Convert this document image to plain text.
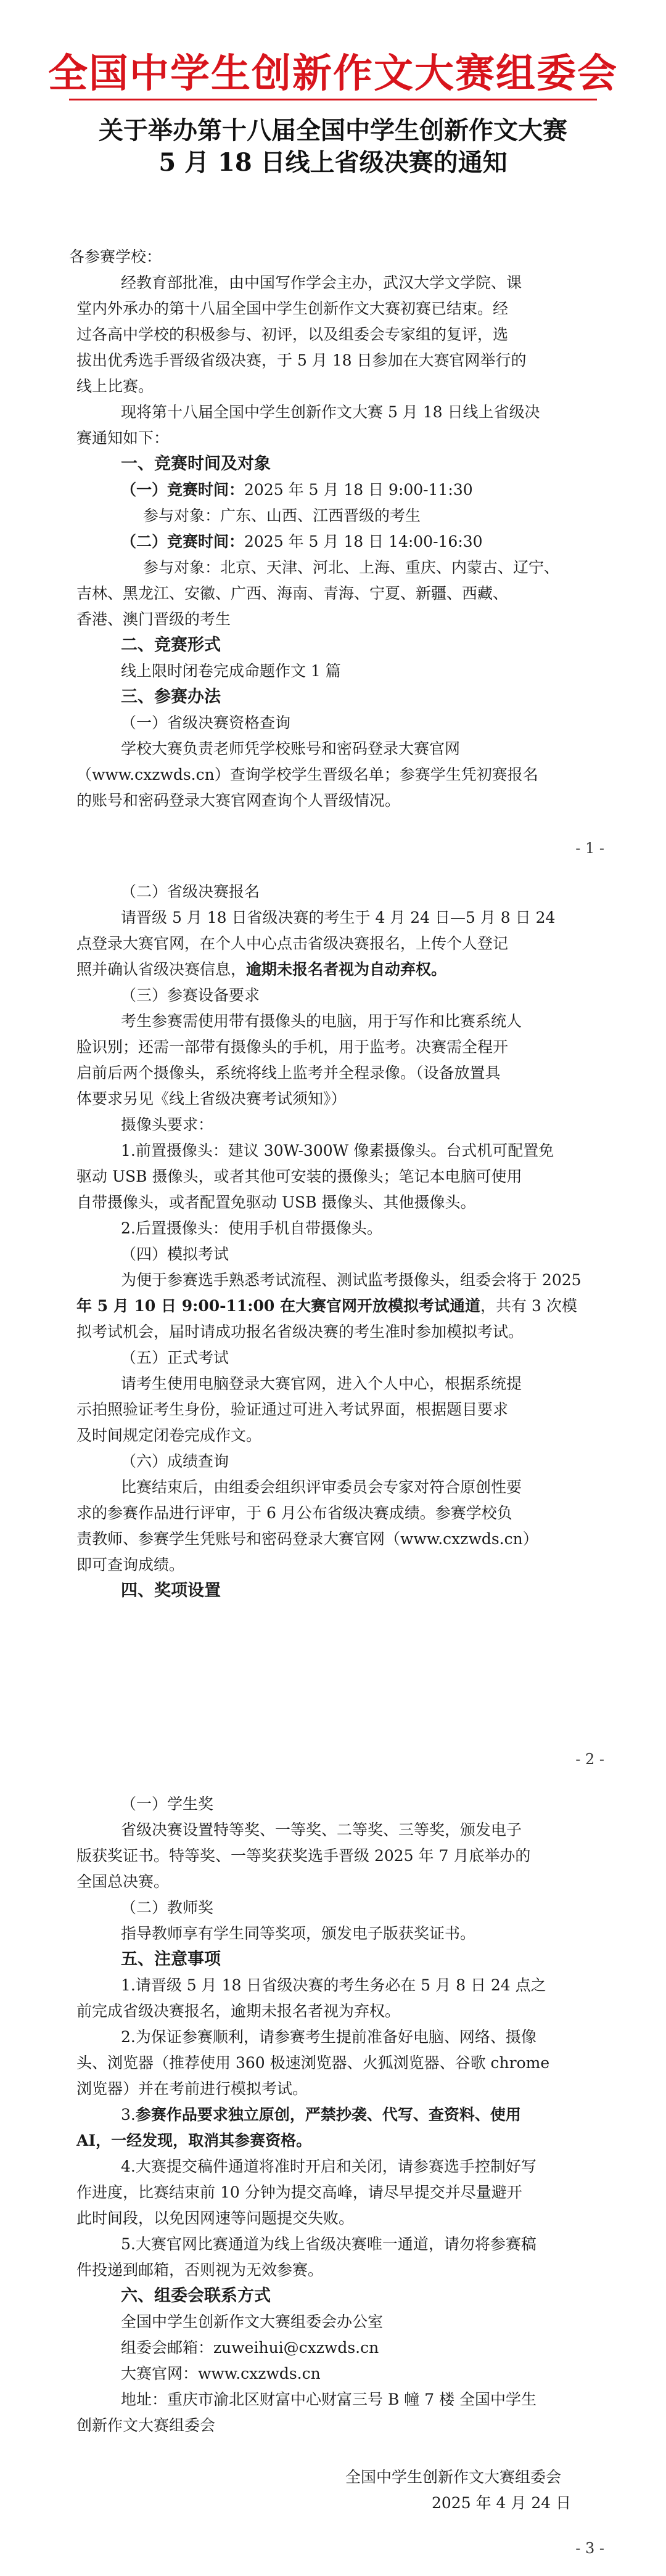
全国中学生创新作文大赛组委会
关于举办第十八届全国中学生创新作文大赛
5 月 18 日线上省级决赛的通知
各参赛学校：
经教育部批准，由中国写作学会主办，武汉大学文学院、课
堂内外承办的第十八届全国中学生创新作文大赛初赛已结束。经
过各高中学校的积极参与、初评，以及组委会专家组的复评，选
拔出优秀选手晋级省级决赛，于 5 月 18 日参加在大赛官网举行的
线上比赛。
现将第十八届全国中学生创新作文大赛 5 月 18 日线上省级决
赛通知如下：
一、竞赛时间及对象
（一）竞赛时间：2025 年 5 月 18 日 9:00-11:30
参与对象：广东、山西、江西晋级的考生
（二）竞赛时间：2025 年 5 月 18 日 14:00-16:30
参与对象：北京、天津、河北、上海、重庆、内蒙古、辽宁、
吉林、黑龙江、安徽、广西、海南、青海、宁夏、新疆、西藏、
香港、澳门晋级的考生
二、竞赛形式
线上限时闭卷完成命题作文 1 篇
三、参赛办法
（一）省级决赛资格查询
学校大赛负责老师凭学校账号和密码登录大赛官网
（www.cxzwds.cn）查询学校学生晋级名单；参赛学生凭初赛报名
的账号和密码登录大赛官网查询个人晋级情况。
- 1 -
（二）省级决赛报名
请晋级 5 月 18 日省级决赛的考生于 4 月 24 日—5 月 8 日 24
点登录大赛官网，在个人中心点击省级决赛报名，上传个人登记
照并确认省级决赛信息，逾期未报名者视为自动弃权。
（三）参赛设备要求
考生参赛需使用带有摄像头的电脑，用于写作和比赛系统人
脸识别；还需一部带有摄像头的手机，用于监考。决赛需全程开
启前后两个摄像头，系统将线上监考并全程录像。（设备放置具
体要求另见《线上省级决赛考试须知》）
摄像头要求：
1.前置摄像头：建议 30W-300W 像素摄像头。台式机可配置免
驱动 USB 摄像头，或者其他可安装的摄像头；笔记本电脑可使用
自带摄像头，或者配置免驱动 USB 摄像头、其他摄像头。
2.后置摄像头：使用手机自带摄像头。
（四）模拟考试
为便于参赛选手熟悉考试流程、测试监考摄像头，组委会将于 2025
年 5 月 10 日 9:00-11:00 在大赛官网开放模拟考试通道，共有 3 次模
拟考试机会，届时请成功报名省级决赛的考生准时参加模拟考试。
（五）正式考试
请考生使用电脑登录大赛官网，进入个人中心，根据系统提
示拍照验证考生身份，验证通过可进入考试界面，根据题目要求
及时间规定闭卷完成作文。
（六）成绩查询
比赛结束后，由组委会组织评审委员会专家对符合原创性要
求的参赛作品进行评审，于 6 月公布省级决赛成绩。参赛学校负
责教师、参赛学生凭账号和密码登录大赛官网（www.cxzwds.cn）
即可查询成绩。
四、奖项设置
- 2 -
（一）学生奖
省级决赛设置特等奖、一等奖、二等奖、三等奖，颁发电子
版获奖证书。特等奖、一等奖获奖选手晋级 2025 年 7 月底举办的
全国总决赛。
（二）教师奖
指导教师享有学生同等奖项，颁发电子版获奖证书。
五、注意事项
1.请晋级 5 月 18 日省级决赛的考生务必在 5 月 8 日 24 点之
前完成省级决赛报名，逾期未报名者视为弃权。
2.为保证参赛顺利，请参赛考生提前准备好电脑、网络、摄像
头、浏览器（推荐使用 360 极速浏览器、火狐浏览器、谷歌 chrome
浏览器）并在考前进行模拟考试。
3.参赛作品要求独立原创，严禁抄袭、代写、查资料、使用
AI，一经发现，取消其参赛资格。
4.大赛提交稿件通道将准时开启和关闭，请参赛选手控制好写
作进度，比赛结束前 10 分钟为提交高峰，请尽早提交并尽量避开
此时间段，以免因网速等问题提交失败。
5.大赛官网比赛通道为线上省级决赛唯一通道，请勿将参赛稿
件投递到邮箱，否则视为无效参赛。
六、组委会联系方式
全国中学生创新作文大赛组委会办公室
组委会邮箱：zuweihui@cxzwds.cn
大赛官网：www.cxzwds.cn
地址：重庆市渝北区财富中心财富三号 B 幢 7 楼 全国中学生
创新作文大赛组委会
全国中学生创新作文大赛组委会
2025 年 4 月 24 日
- 3 -
